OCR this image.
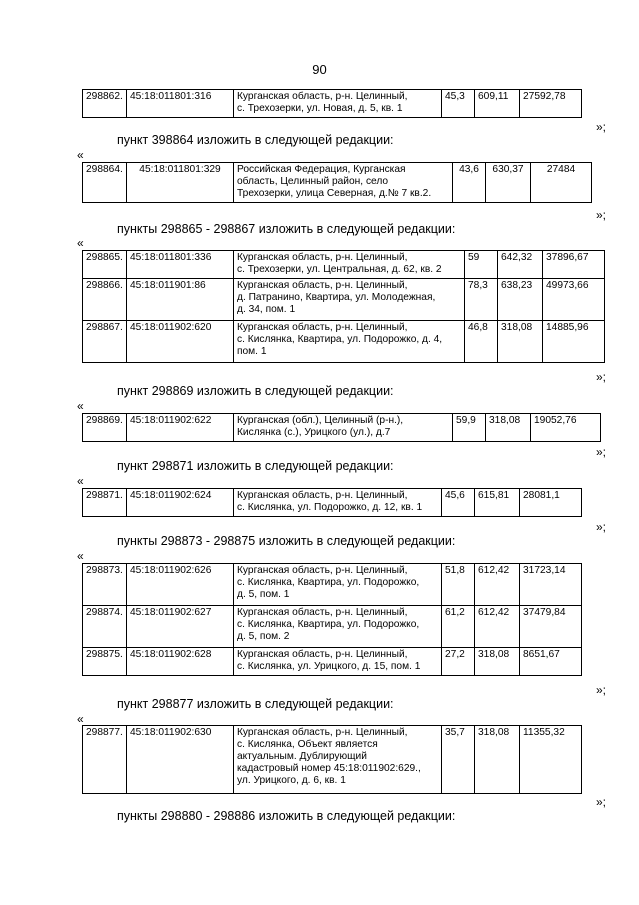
90
298862.	45:18:011801:316	Курганская область, р-н. Целинный,
с. Трехозерки, ул. Новая, д. 5, кв. 1	45,3	609,11	27592,78
»;
пункт 398864 изложить в следующей редакции:
«
298864.	45:18:011801:329	Российская Федерация, Курганская
область, Целинный район, село
Трехозерки, улица Северная, д.№ 7 кв.2.	43,6	630,37	27484
»;
пункты 298865 - 298867 изложить в следующей редакции:
«
298865.	45:18:011801:336	Курганская область, р-н. Целинный,
с. Трехозерки, ул. Центральная, д. 62, кв. 2	59	642,32	37896,67
298866.	45:18:011901:86	Курганская область, р-н. Целинный,
д. Патранино, Квартира, ул. Молодежная,
д. 34, пом. 1	78,3	638,23	49973,66
298867.	45:18:011902:620	Курганская область, р-н. Целинный,
с. Кислянка, Квартира, ул. Подорожко, д. 4,
пом. 1	46,8	318,08	14885,96
»;
пункт 298869 изложить в следующей редакции:
«
298869.	45:18:011902:622	Курганская (обл.), Целинный (р-н.),
Кислянка (с.), Урицкого (ул.), д.7	59,9	318,08	19052,76
»;
пункт 298871 изложить в следующей редакции:
«
298871.	45:18:011902:624	Курганская область, р-н. Целинный,
с. Кислянка, ул. Подорожко, д. 12, кв. 1	45,6	615,81	28081,1
»;
пункты 298873 - 298875 изложить в следующей редакции:
«
298873.	45:18:011902:626	Курганская область, р-н. Целинный,
с. Кислянка, Квартира, ул. Подорожко,
д. 5, пом. 1	51,8	612,42	31723,14
298874.	45:18:011902:627	Курганская область, р-н. Целинный,
с. Кислянка, Квартира, ул. Подорожко,
д. 5, пом. 2	61,2	612,42	37479,84
298875.	45:18:011902:628	Курганская область, р-н. Целинный,
с. Кислянка, ул. Урицкого, д. 15, пом. 1	27,2	318,08	8651,67
»;
пункт 298877 изложить в следующей редакции:
«
298877.	45:18:011902:630	Курганская область, р-н. Целинный,
с. Кислянка, Объект является
актуальным. Дублирующий
кадастровый номер 45:18:011902:629.,
ул. Урицкого, д. 6, кв. 1	35,7	318,08	11355,32
»;
пункты 298880 - 298886 изложить в следующей редакции:
